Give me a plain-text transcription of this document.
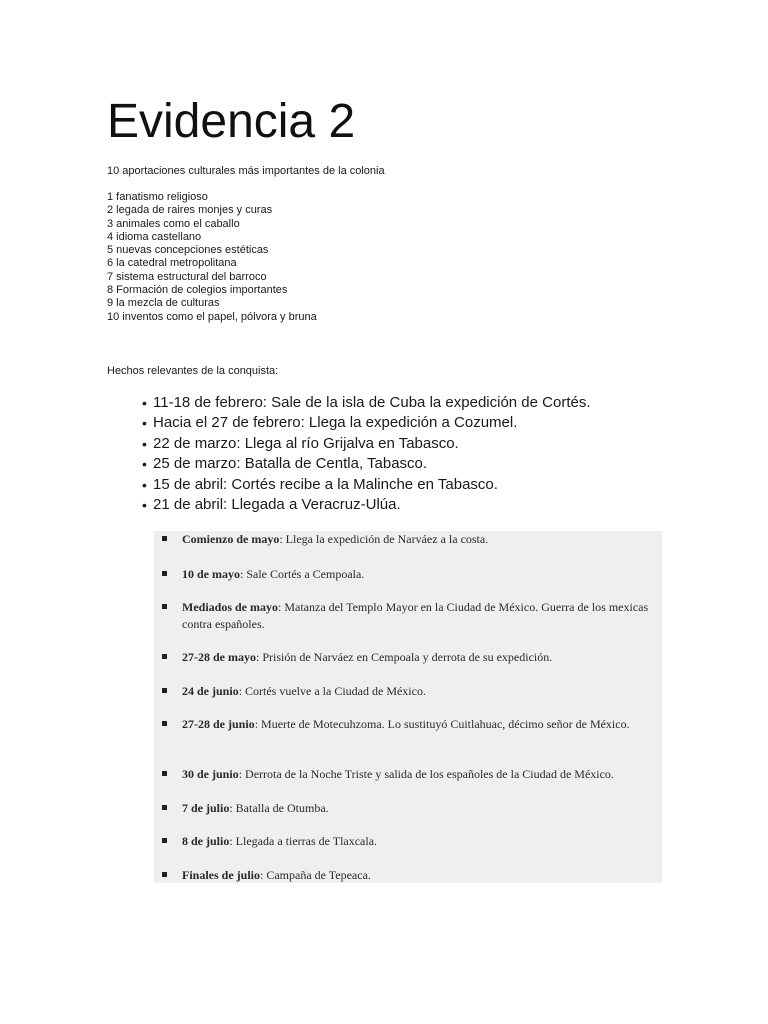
Evidencia 2
10 aportaciones culturales más importantes de la colonia
1 fanatismo religioso
2 legada de raires monjes y curas
3 animales como el caballo
4 idioma castellano
5 nuevas concepciones estéticas
6 la catedral metropolitana
7 sistema estructural del barroco
8 Formación de colegios importantes
9 la mezcla de culturas
10 inventos como el papel, pólvora y bruna
Hechos relevantes de la conquista:
• 11-18 de febrero: Sale de la isla de Cuba la expedición de Cortés.
• Hacia el 27 de febrero: Llega la expedición a Cozumel.
• 22 de marzo: Llega al río Grijalva en Tabasco.
• 25 de marzo: Batalla de Centla, Tabasco.
• 15 de abril: Cortés recibe a la Malinche en Tabasco.
• 21 de abril: Llegada a Veracruz-Ulúa.
Comienzo de mayo: Llega la expedición de Narváez a la costa.
10 de mayo: Sale Cortés a Cempoala.
Mediados de mayo: Matanza del Templo Mayor en la Ciudad de México. Guerra de los mexicas contra españoles.
27-28 de mayo: Prisión de Narváez en Cempoala y derrota de su expedición.
24 de junio: Cortés vuelve a la Ciudad de México.
27-28 de junio: Muerte de Motecuhzoma. Lo sustituyó Cuitlahuac, décimo señor de México.
30 de junio: Derrota de la Noche Triste y salida de los españoles de la Ciudad de México.
7 de julio: Batalla de Otumba.
8 de julio: Llegada a tierras de Tlaxcala.
Finales de julio: Campaña de Tepeaca.
